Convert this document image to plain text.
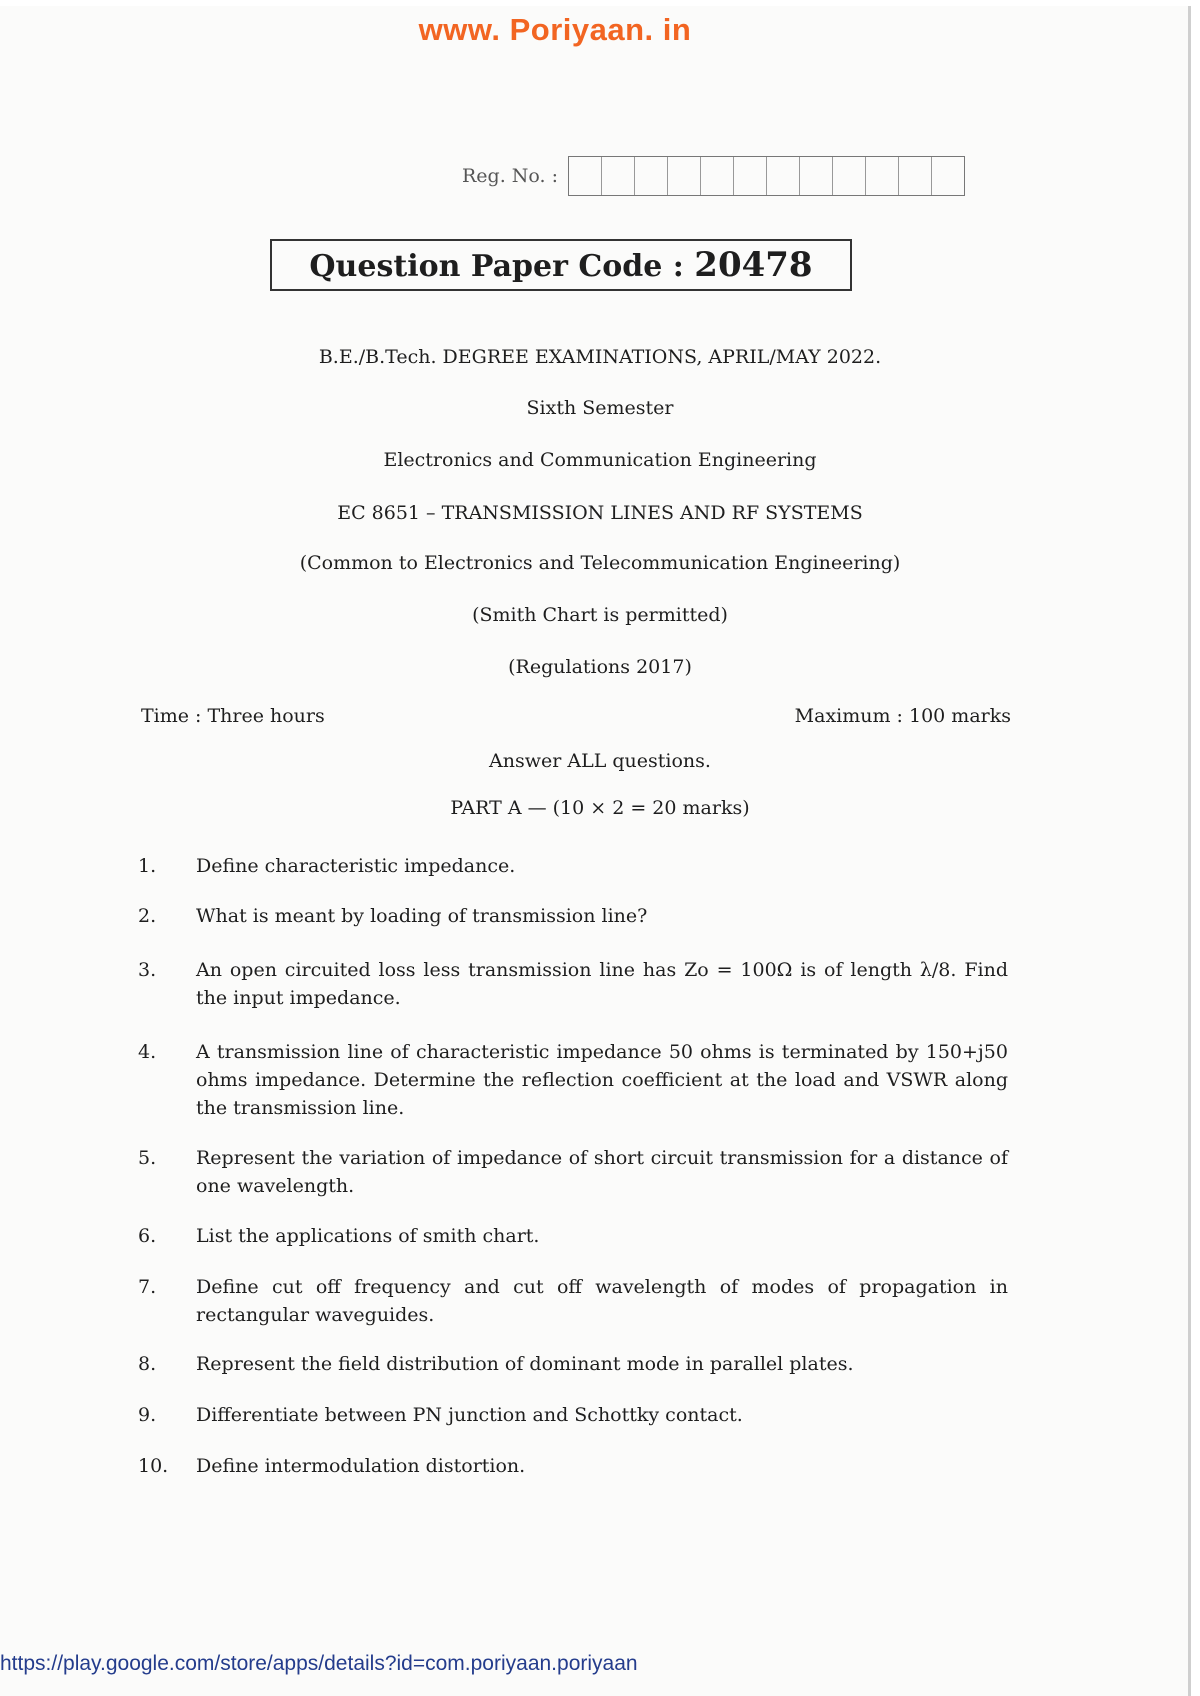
www. Poriyaan. in
Reg. No. :
Question Paper Code : 20478
B.E./B.Tech. DEGREE EXAMINATIONS, APRIL/MAY 2022.
Sixth Semester
Electronics and Communication Engineering
EC 8651 – TRANSMISSION LINES AND RF SYSTEMS
(Common to Electronics and Telecommunication Engineering)
(Smith Chart is permitted)
(Regulations 2017)
Time : Three hours	Maximum : 100 marks
Answer ALL questions.
PART A — (10 × 2 = 20 marks)
1.	Define characteristic impedance.
2.	What is meant by loading of transmission line?
3.	An open circuited loss less transmission line has Zo = 100Ω is of length λ/8. Find the input impedance.
4.	A transmission line of characteristic impedance 50 ohms is terminated by 150+j50 ohms impedance. Determine the reflection coefficient at the load and VSWR along the transmission line.
5.	Represent the variation of impedance of short circuit transmission for a distance of one wavelength.
6.	List the applications of smith chart.
7.	Define cut off frequency and cut off wavelength of modes of propagation in rectangular waveguides.
8.	Represent the field distribution of dominant mode in parallel plates.
9.	Differentiate between PN junction and Schottky contact.
10.	Define intermodulation distortion.
https://play.google.com/store/apps/details?id=com.poriyaan.poriyaan
